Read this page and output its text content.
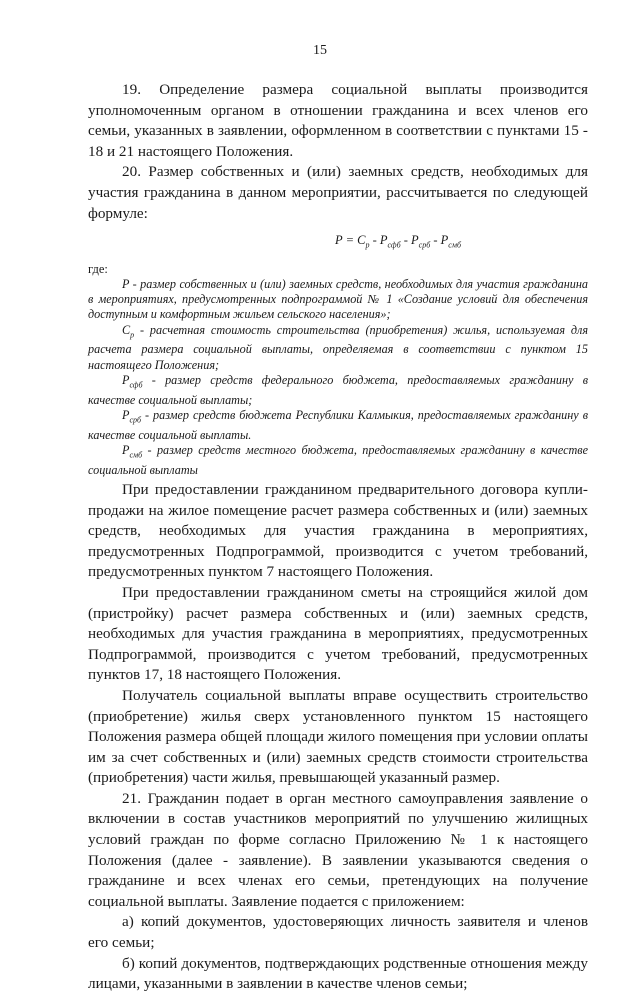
15

19. Определение размера социальной выплаты производится уполномоченным органом в отношении гражданина и всех членов его семьи, указанных в заявлении, оформленном в соответствии с пунктами 15 - 18 и 21 настоящего Положения.

20. Размер собственных и (или) заемных средств, необходимых для участия гражданина в данном мероприятии, рассчитывается по следующей формуле:

$P = C_р - P_{сфб} - P_{срб} - P_{смб}$

где:

P - размер собственных и (или) заемных средств, необходимых для участия гражданина в мероприятиях, предусмотренных подпрограммой № 1 «Создание условий для обеспечения доступным и комфортным жильем сельского населения»;

$C_р$ - расчетная стоимость строительства (приобретения) жилья, используемая для расчета размера социальной выплаты, определяемая в соответствии с пунктом 15 настоящего Положения;

$P_{сфб}$ - размер средств федерального бюджета, предоставляемых гражданину в качестве социальной выплаты;

$P_{срб}$ - размер средств бюджета Республики Калмыкия, предоставляемых гражданину в качестве социальной выплаты.

$P_{смб}$ - размер средств местного бюджета, предоставляемых гражданину в качестве социальной выплаты

При предоставлении гражданином предварительного договора купли-продажи на жилое помещение расчет размера собственных и (или) заемных средств, необходимых для участия гражданина в мероприятиях, предусмотренных Подпрограммой, производится с учетом требований, предусмотренных пунктом 7 настоящего Положения.

При предоставлении гражданином сметы на строящийся жилой дом (пристройку) расчет размера собственных и (или) заемных средств, необходимых для участия гражданина в мероприятиях, предусмотренных Подпрограммой, производится с учетом требований, предусмотренных пунктов 17, 18 настоящего Положения.

Получатель социальной выплаты вправе осуществить строительство (приобретение) жилья сверх установленного пунктом 15 настоящего Положения размера общей площади жилого помещения при условии оплаты им за счет собственных и (или) заемных средств стоимости строительства (приобретения) части жилья, превышающей указанный размер.

21. Гражданин подает в орган местного самоуправления заявление о включении в состав участников мероприятий по улучшению жилищных условий граждан по форме согласно Приложению № 1 к настоящего Положения (далее - заявление). В заявлении указываются сведения о гражданине и всех членах его семьи, претендующих на получение социальной выплаты. Заявление подается с приложением:

а) копий документов, удостоверяющих личность заявителя и членов его семьи;

б) копий документов, подтверждающих родственные отношения между лицами, указанными в заявлении в качестве членов семьи;
